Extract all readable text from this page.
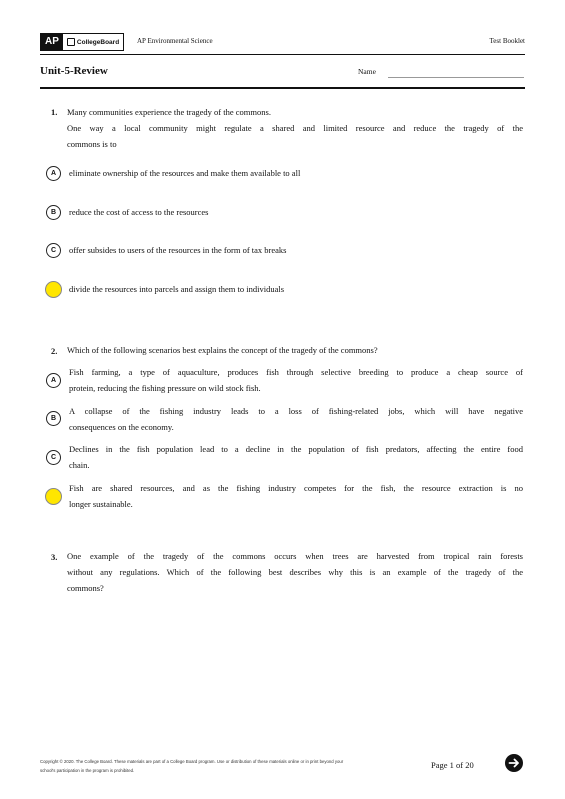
AP	CollegeBoard	AP Environmental Science	Test Booklet
Unit-5-Review	Name
1. Many communities experience the tragedy of the commons.
One way a local community might regulate a shared and limited resource and reduce the tragedy of the
commons is to
A	eliminate ownership of the resources and make them available to all
B	reduce the cost of access to the resources
C	offer subsides to users of the resources in the form of tax breaks
divide the resources into parcels and assign them to individuals
2. Which of the following scenarios best explains the concept of the tragedy of the commons?
A
Fish farming, a type of aquaculture, produces fish through selective breeding to produce a cheap source of
protein, reducing the fishing pressure on wild stock fish.
B
A collapse of the fishing industry leads to a loss of fishing-related jobs, which will have negative
consequences on the economy.
C
Declines in the fish population lead to a decline in the population of fish predators, affecting the entire food
chain.
Fish are shared resources, and as the fishing industry competes for the fish, the resource extraction is no
longer sustainable.
3. One example of the tragedy of the commons occurs when trees are harvested from tropical rain forests
without any regulations. Which of the following best describes why this is an example of the tragedy of the
commons?
Copyright © 2020. The College Board. These materials are part of a College Board program. Use or distribution of these materials online or in print beyond your
school's participation in the program is prohibited.
Page 1 of 20
